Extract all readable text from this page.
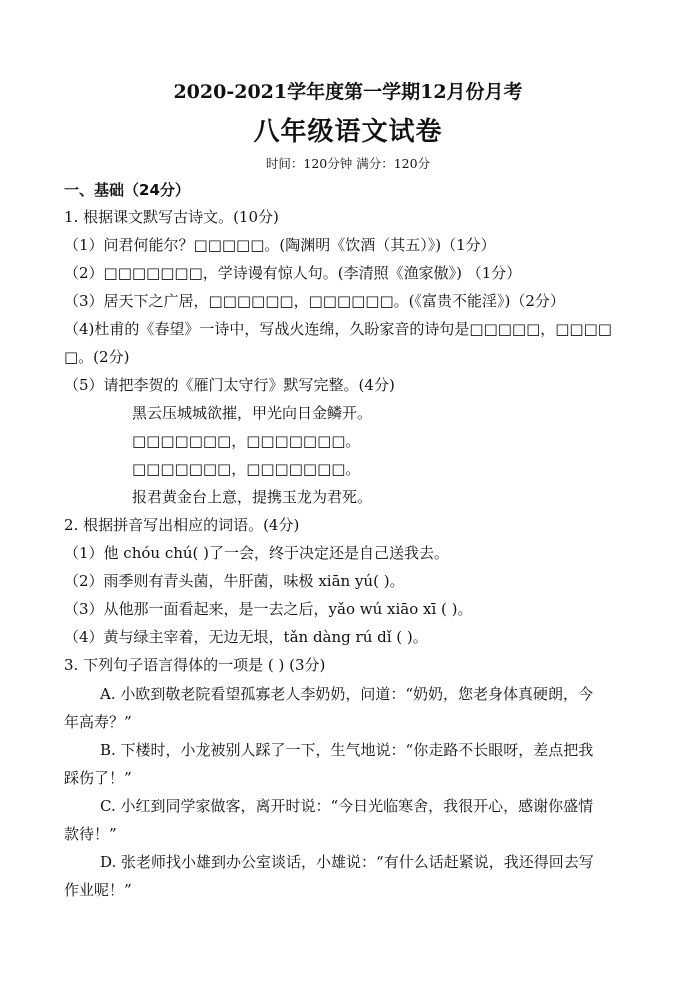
2020-2021学年度第一学期12月份月考
八年级语文试卷
时间：120分钟 满分：120分
一、基础（24分）
1. 根据课文默写古诗文。(10分)
（1）问君何能尔？□□□□□。(陶渊明《饮酒（其五）》)（1分）
（2）□□□□□□□，学诗谩有惊人句。(李清照《渔家傲》) （1分）
（3）居天下之广居，□□□□□□，□□□□□□。(《富贵不能淫》)（2分）
（4)杜甫的《春望》一诗中，写战火连绵，久盼家音的诗句是□□□□□，□□□□
□。(2分)
（5）请把李贺的《雁门太守行》默写完整。(4分)
黑云压城城欲摧，甲光向日金鳞开。
□□□□□□□，□□□□□□□。
□□□□□□□，□□□□□□□。
报君黄金台上意，提携玉龙为君死。
2. 根据拼音写出相应的词语。(4分)
（1）他 chóu chú( )了一会，终于决定还是自己送我去。
（2）雨季则有青头菌，牛肝菌，味极 xiān yú( )。
（3）从他那一面看起来，是一去之后，yǎo wú xiāo xī ( )。
（4）黄与绿主宰着，无边无垠，tǎn dàng rú dǐ ( )。
3. 下列句子语言得体的一项是 ( ) (3分)
A. 小欧到敬老院看望孤寡老人李奶奶，问道：“奶奶，您老身体真硬朗，今
年高寿？”
B. 下楼时，小龙被别人踩了一下，生气地说：“你走路不长眼呀，差点把我
踩伤了！”
C. 小红到同学家做客，离开时说：“今日光临寒舍，我很开心，感谢你盛情
款待！”
D. 张老师找小雄到办公室谈话，小雄说：“有什么话赶紧说，我还得回去写
作业呢！”
